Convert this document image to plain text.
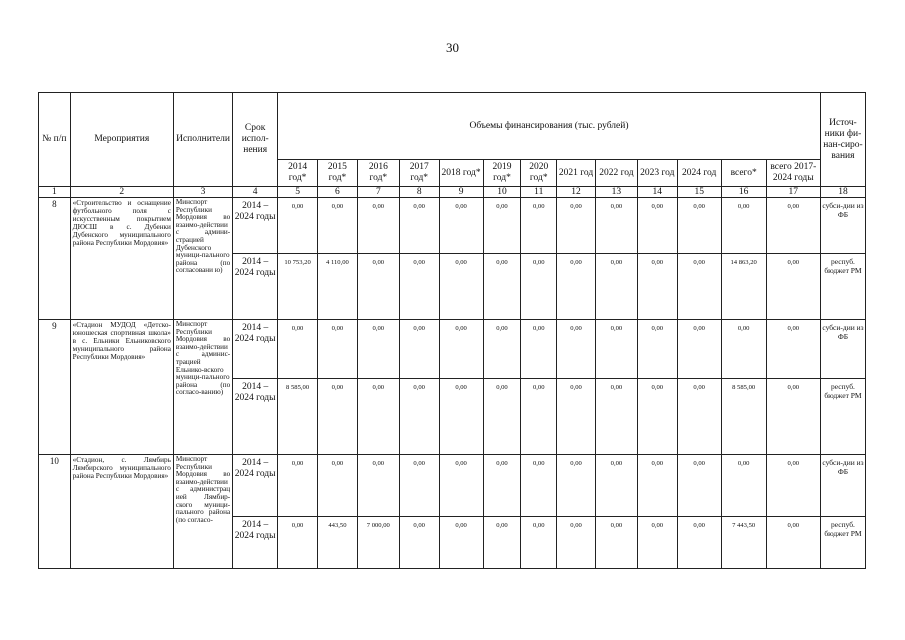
30
№ п/п	Мероприятия	Исполнители	Срок испол-нения	Объемы финансирования (тыс. рублей)													Источ-ники фи-нан-сиро-вания
				2014 год*	2015 год*	2016 год*	2017 год*	2018 год*	2019 год*	2020 год*	2021 год	2022 год	2023 год	2024 год	всего*	всего 2017-2024 годы	
1	2	3	4	5	6	7	8	9	10	11	12	13	14	15	16	17	18
8	«Строительство и оснащение футбольного поля с искусственным покрытием ДЮСШ в с. Дубенки Дубенского муниципального района Республики Мордовия»	Минспорт Республики Мордовия во взаимо-действии с админи-страцией Дубенского муници-пального района (по согласовани ю)	2014 – 2024 годы	0,00	0,00	0,00	0,00	0,00	0,00	0,00	0,00	0,00	0,00	0,00	0,00	0,00	субси-дии из ФБ
			2014 – 2024 годы	10 753,20	4 110,00	0,00	0,00	0,00	0,00	0,00	0,00	0,00	0,00	0,00	14 863,20	0,00	респуб. бюджет РМ
9	«Стадион МУДОД «Детско-юношеская спортивная школа» в с. Ельники Ельниковского муниципального района Республики Мордовия»	Минспорт Республики Мордовия во взаимо-действии с админис-трацией Ельнико-вского муници-пального района (по согласо-ванию)	2014 – 2024 годы	0,00	0,00	0,00	0,00	0,00	0,00	0,00	0,00	0,00	0,00	0,00	0,00	0,00	субси-дии из ФБ
			2014 – 2024 годы	8 585,00	0,00	0,00	0,00	0,00	0,00	0,00	0,00	0,00	0,00	0,00	8 585,00	0,00	респуб. бюджет РМ
10	«Стадион, с. Лямбирь Лямбирского муниципального района Республики Мордовия»	Минспорт Республики Мордовия во взаимо-действии с администрац ией Лямбир-ского муници-пального района (по согласо-	2014 – 2024 годы	0,00	0,00	0,00	0,00	0,00	0,00	0,00	0,00	0,00	0,00	0,00	0,00	0,00	субси-дии из ФБ
			2014 – 2024 годы	0,00	443,50	7 000,00	0,00	0,00	0,00	0,00	0,00	0,00	0,00	0,00	7 443,50	0,00	респуб. бюджет РМ
